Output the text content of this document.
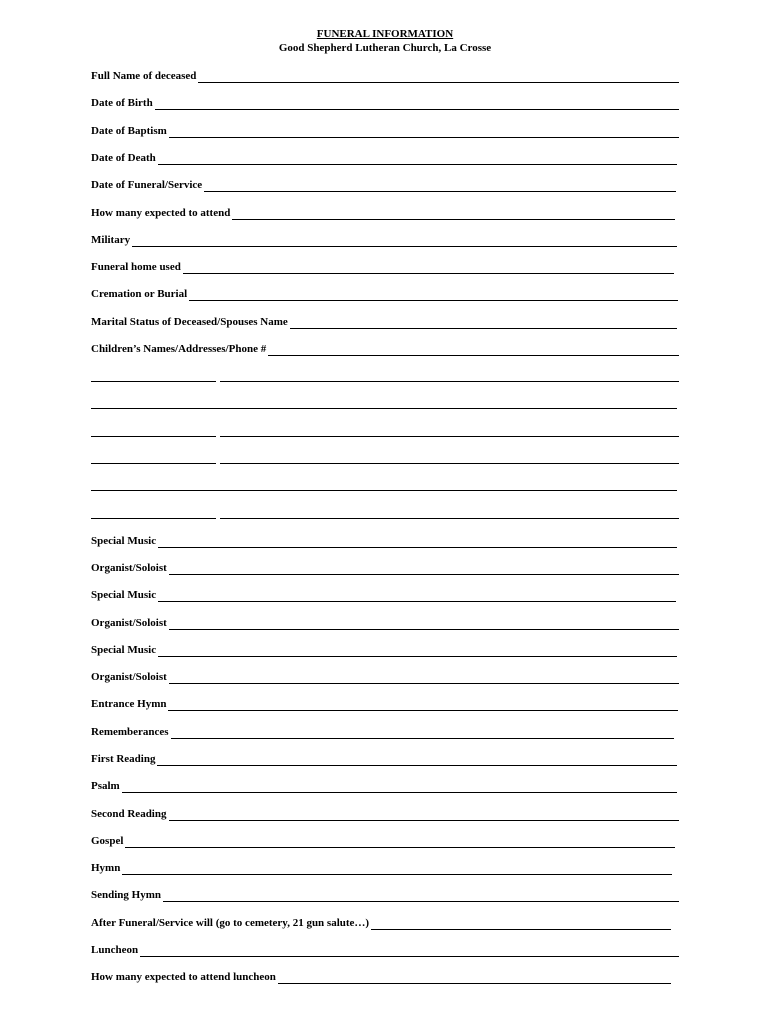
FUNERAL INFORMATION
Good Shepherd Lutheran Church, La Crosse
Full Name of deceased
Date of Birth
Date of Baptism
Date of Death
Date of Funeral/Service
How many expected to attend
Military
Funeral home used
Cremation or Burial
Marital Status of Deceased/Spouses Name
Children’s Names/Addresses/Phone #
Special Music
Organist/Soloist
Special Music
Organist/Soloist
Special Music
Organist/Soloist
Entrance Hymn
Rememberances
First Reading
Psalm
Second Reading
Gospel
Hymn
Sending Hymn
After Funeral/Service will (go to cemetery, 21 gun salute…)
Luncheon
How many expected to attend luncheon
